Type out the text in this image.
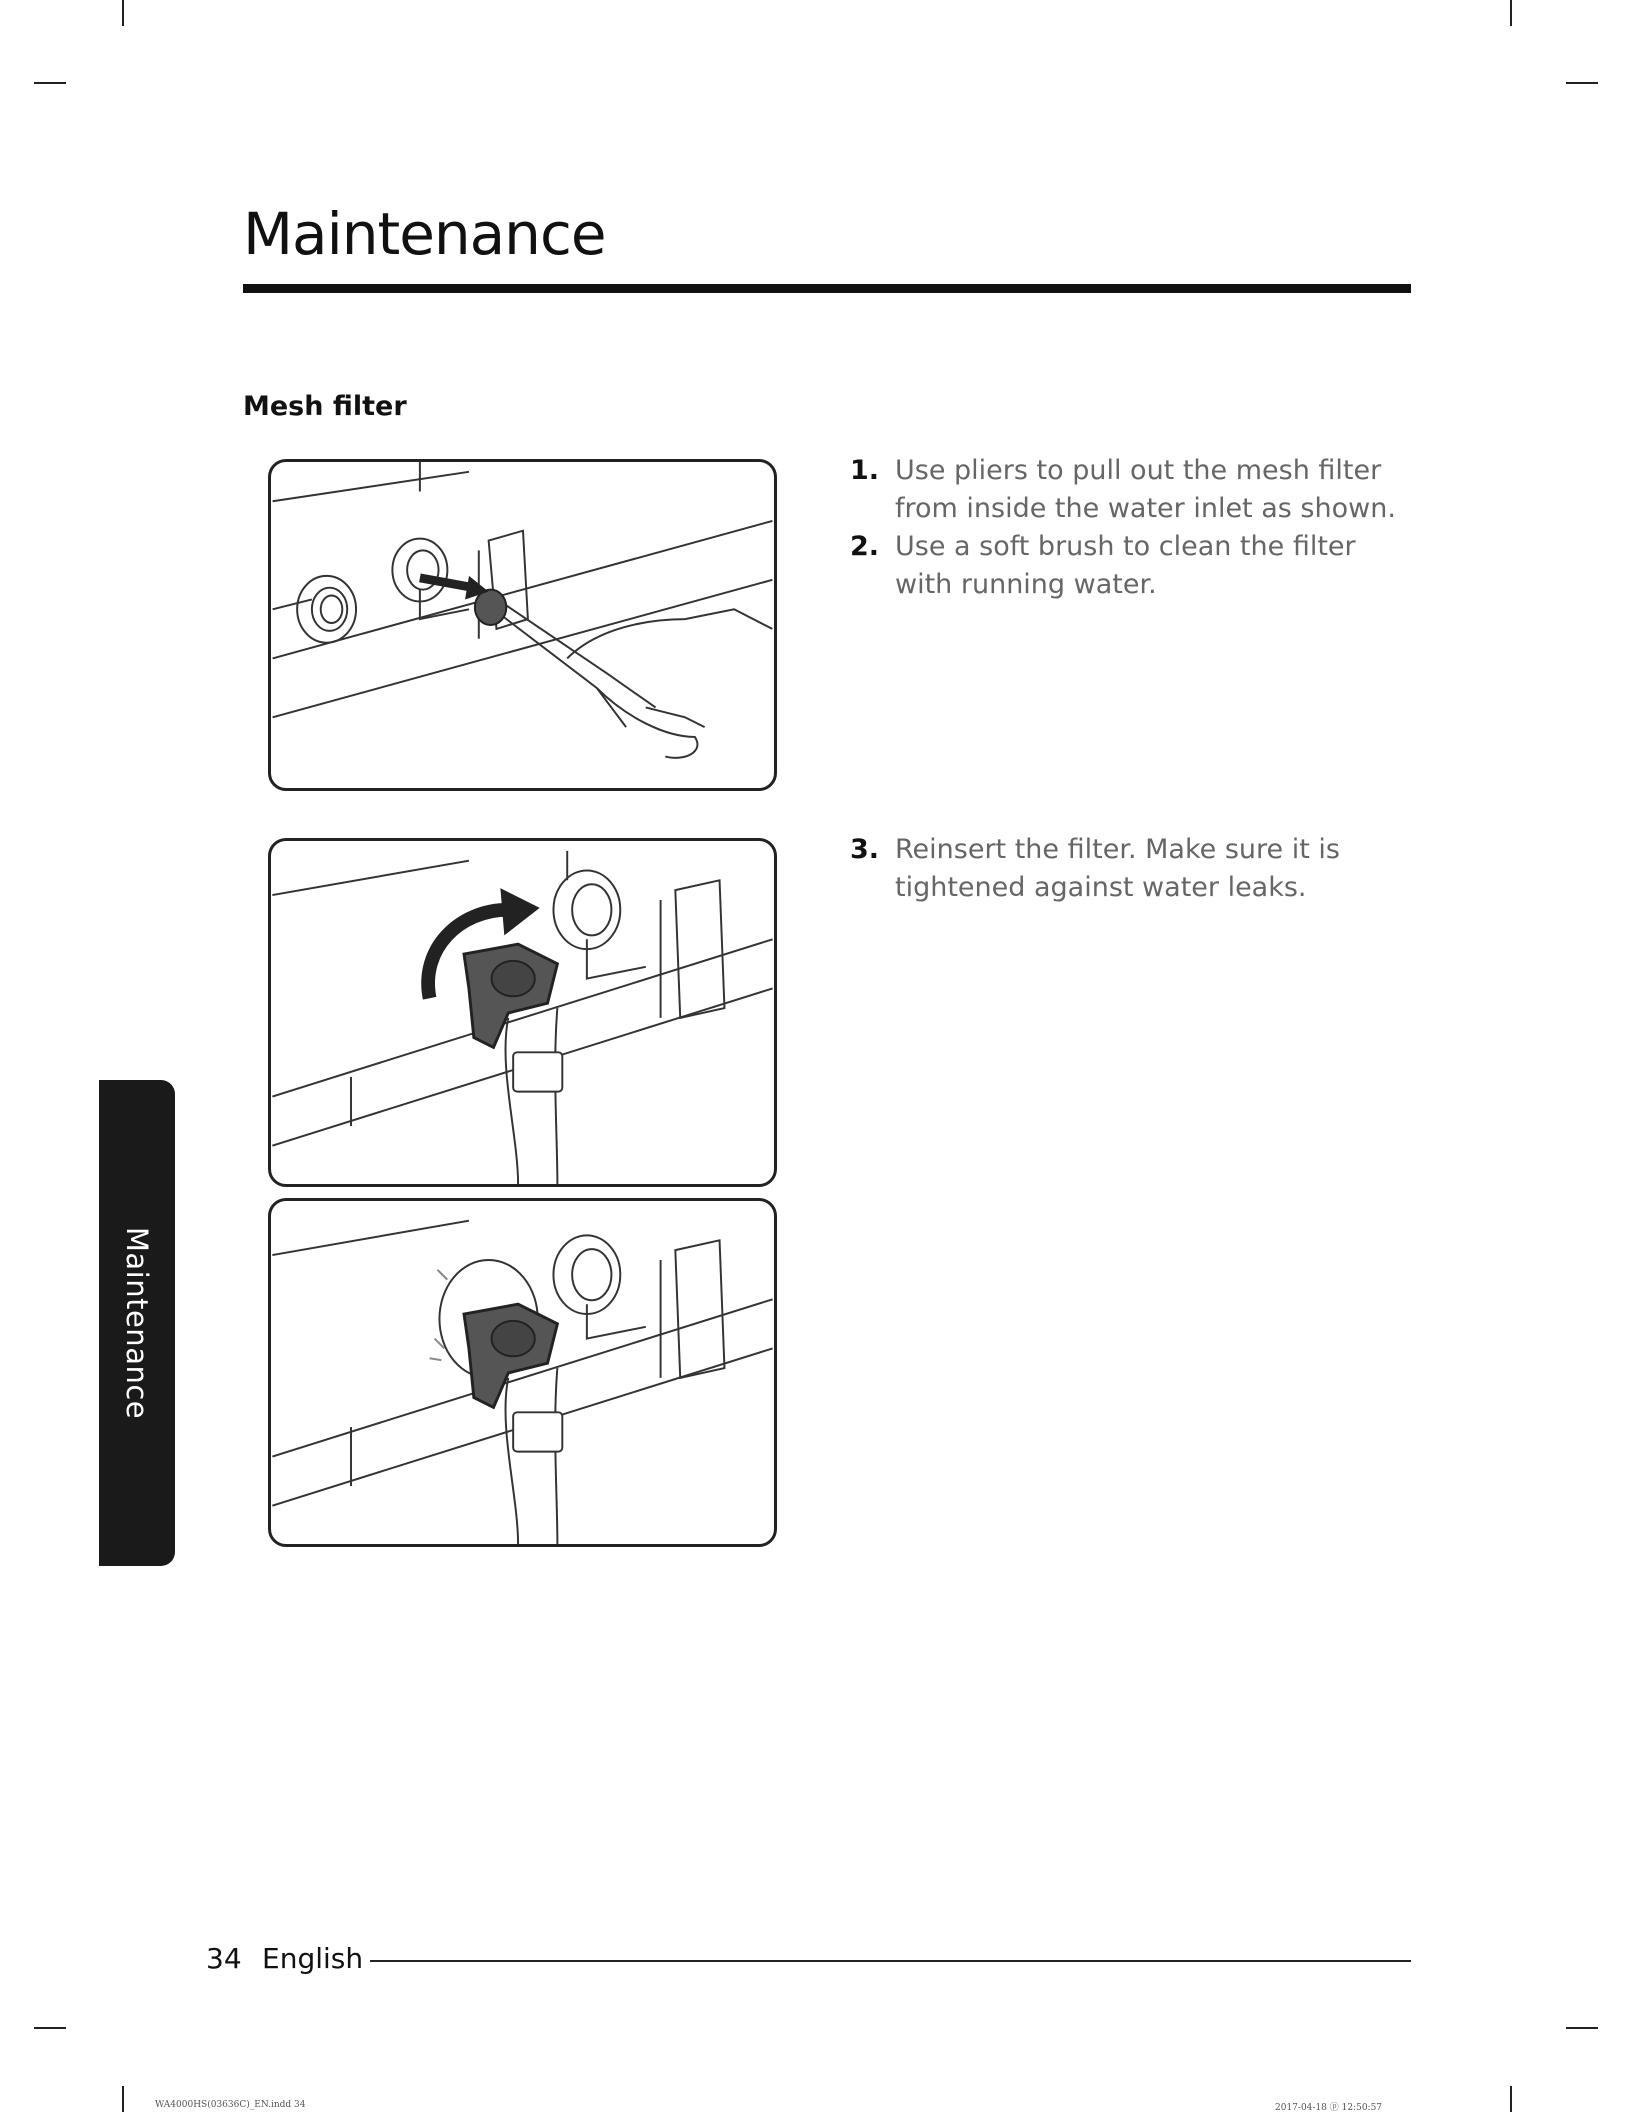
Maintenance
Mesh filter
1. Use pliers to pull out the mesh filter from inside the water inlet as shown.
2. Use a soft brush to clean the filter with running water.
3. Reinsert the filter. Make sure it is tightened against water leaks.
Maintenance
34 English
WA4000HS(03636C)_EN.indd 34	2017-04-18 ⓟ 12:50:57
